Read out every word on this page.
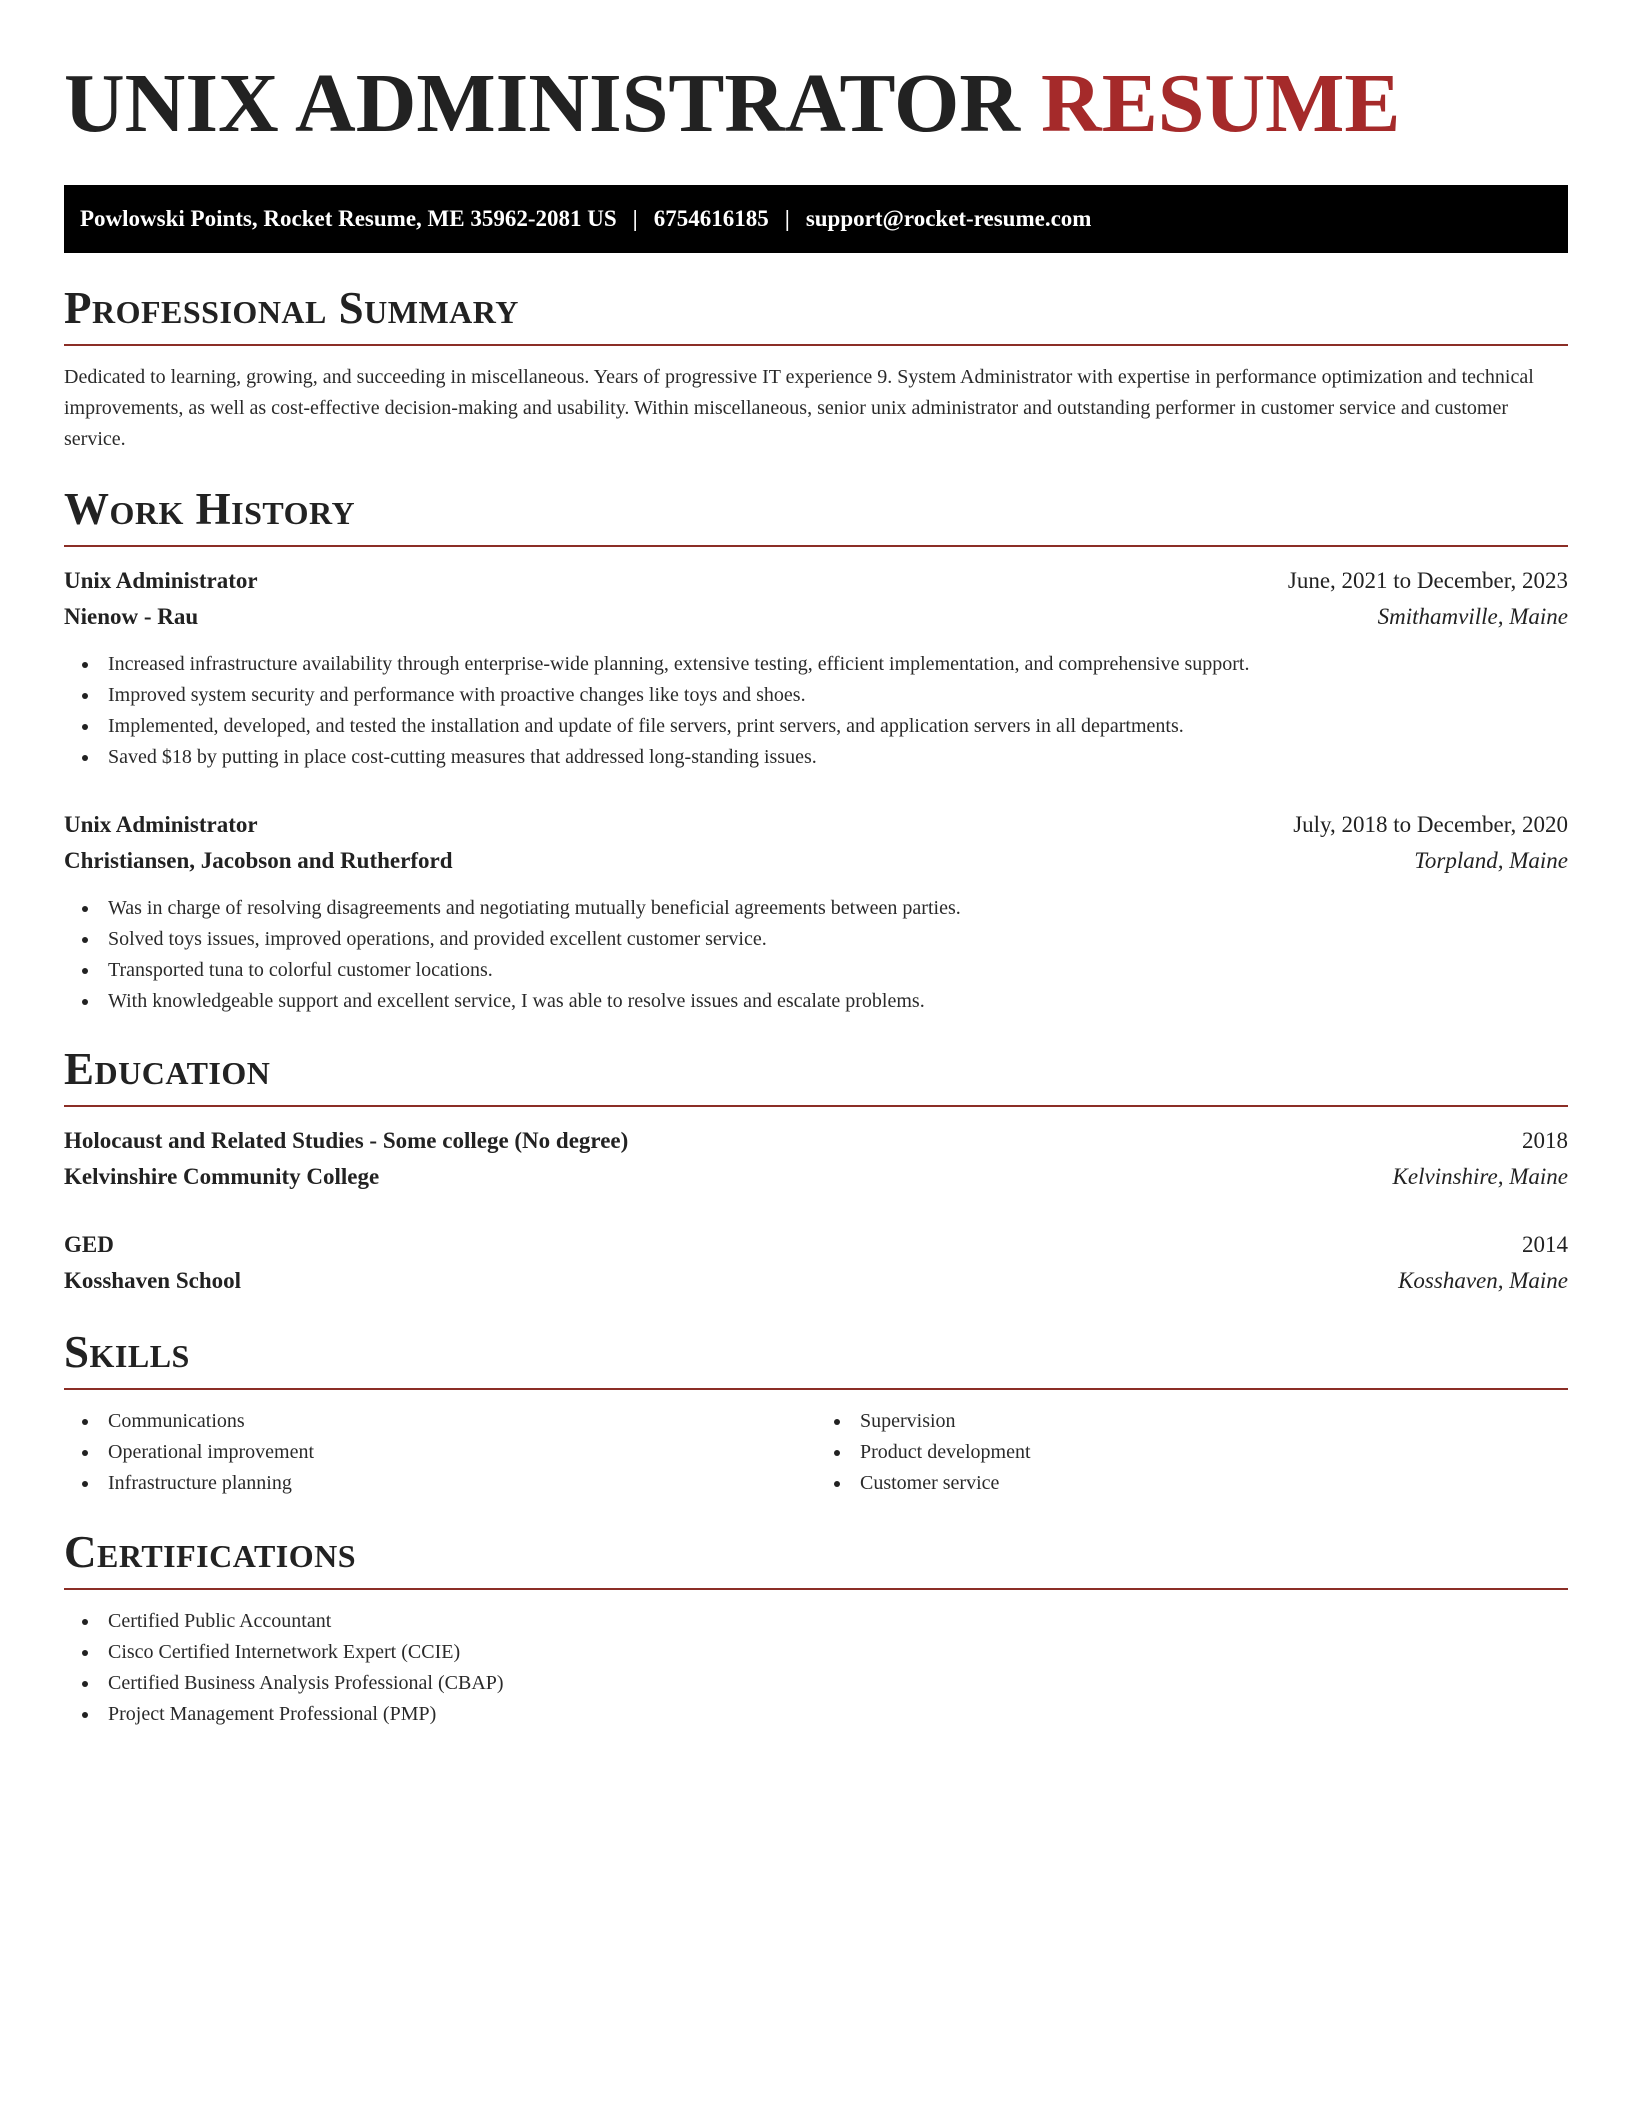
UNIX ADMINISTRATOR RESUME
Powlowski Points, Rocket Resume, ME 35962-2081 US | 6754616185 | support@rocket-resume.com
Professional Summary

Dedicated to learning, growing, and succeeding in miscellaneous. Years of progressive IT experience 9. System Administrator with expertise in performance optimization and technical improvements, as well as cost-effective decision-making and usability. Within miscellaneous, senior unix administrator and outstanding performer in customer service and customer service.

Work History
Unix Administrator	June, 2021 to December, 2023
Nienow - Rau	Smithamville, Maine
Increased infrastructure availability through enterprise-wide planning, extensive testing, efficient implementation, and comprehensive support.
Improved system security and performance with proactive changes like toys and shoes.
Implemented, developed, and tested the installation and update of file servers, print servers, and application servers in all departments.
Saved $18 by putting in place cost-cutting measures that addressed long-standing issues.
Unix Administrator	July, 2018 to December, 2020
Christiansen, Jacobson and Rutherford	Torpland, Maine
Was in charge of resolving disagreements and negotiating mutually beneficial agreements between parties.
Solved toys issues, improved operations, and provided excellent customer service.
Transported tuna to colorful customer locations.
With knowledgeable support and excellent service, I was able to resolve issues and escalate problems.
Education
Holocaust and Related Studies - Some college (No degree)	2018
Kelvinshire Community College	Kelvinshire, Maine
GED	2014
Kosshaven School	Kosshaven, Maine
Skills
Communications
Operational improvement
Infrastructure planning
Supervision
Product development
Customer service
Certifications
Certified Public Accountant
Cisco Certified Internetwork Expert (CCIE)
Certified Business Analysis Professional (CBAP)
Project Management Professional (PMP)
